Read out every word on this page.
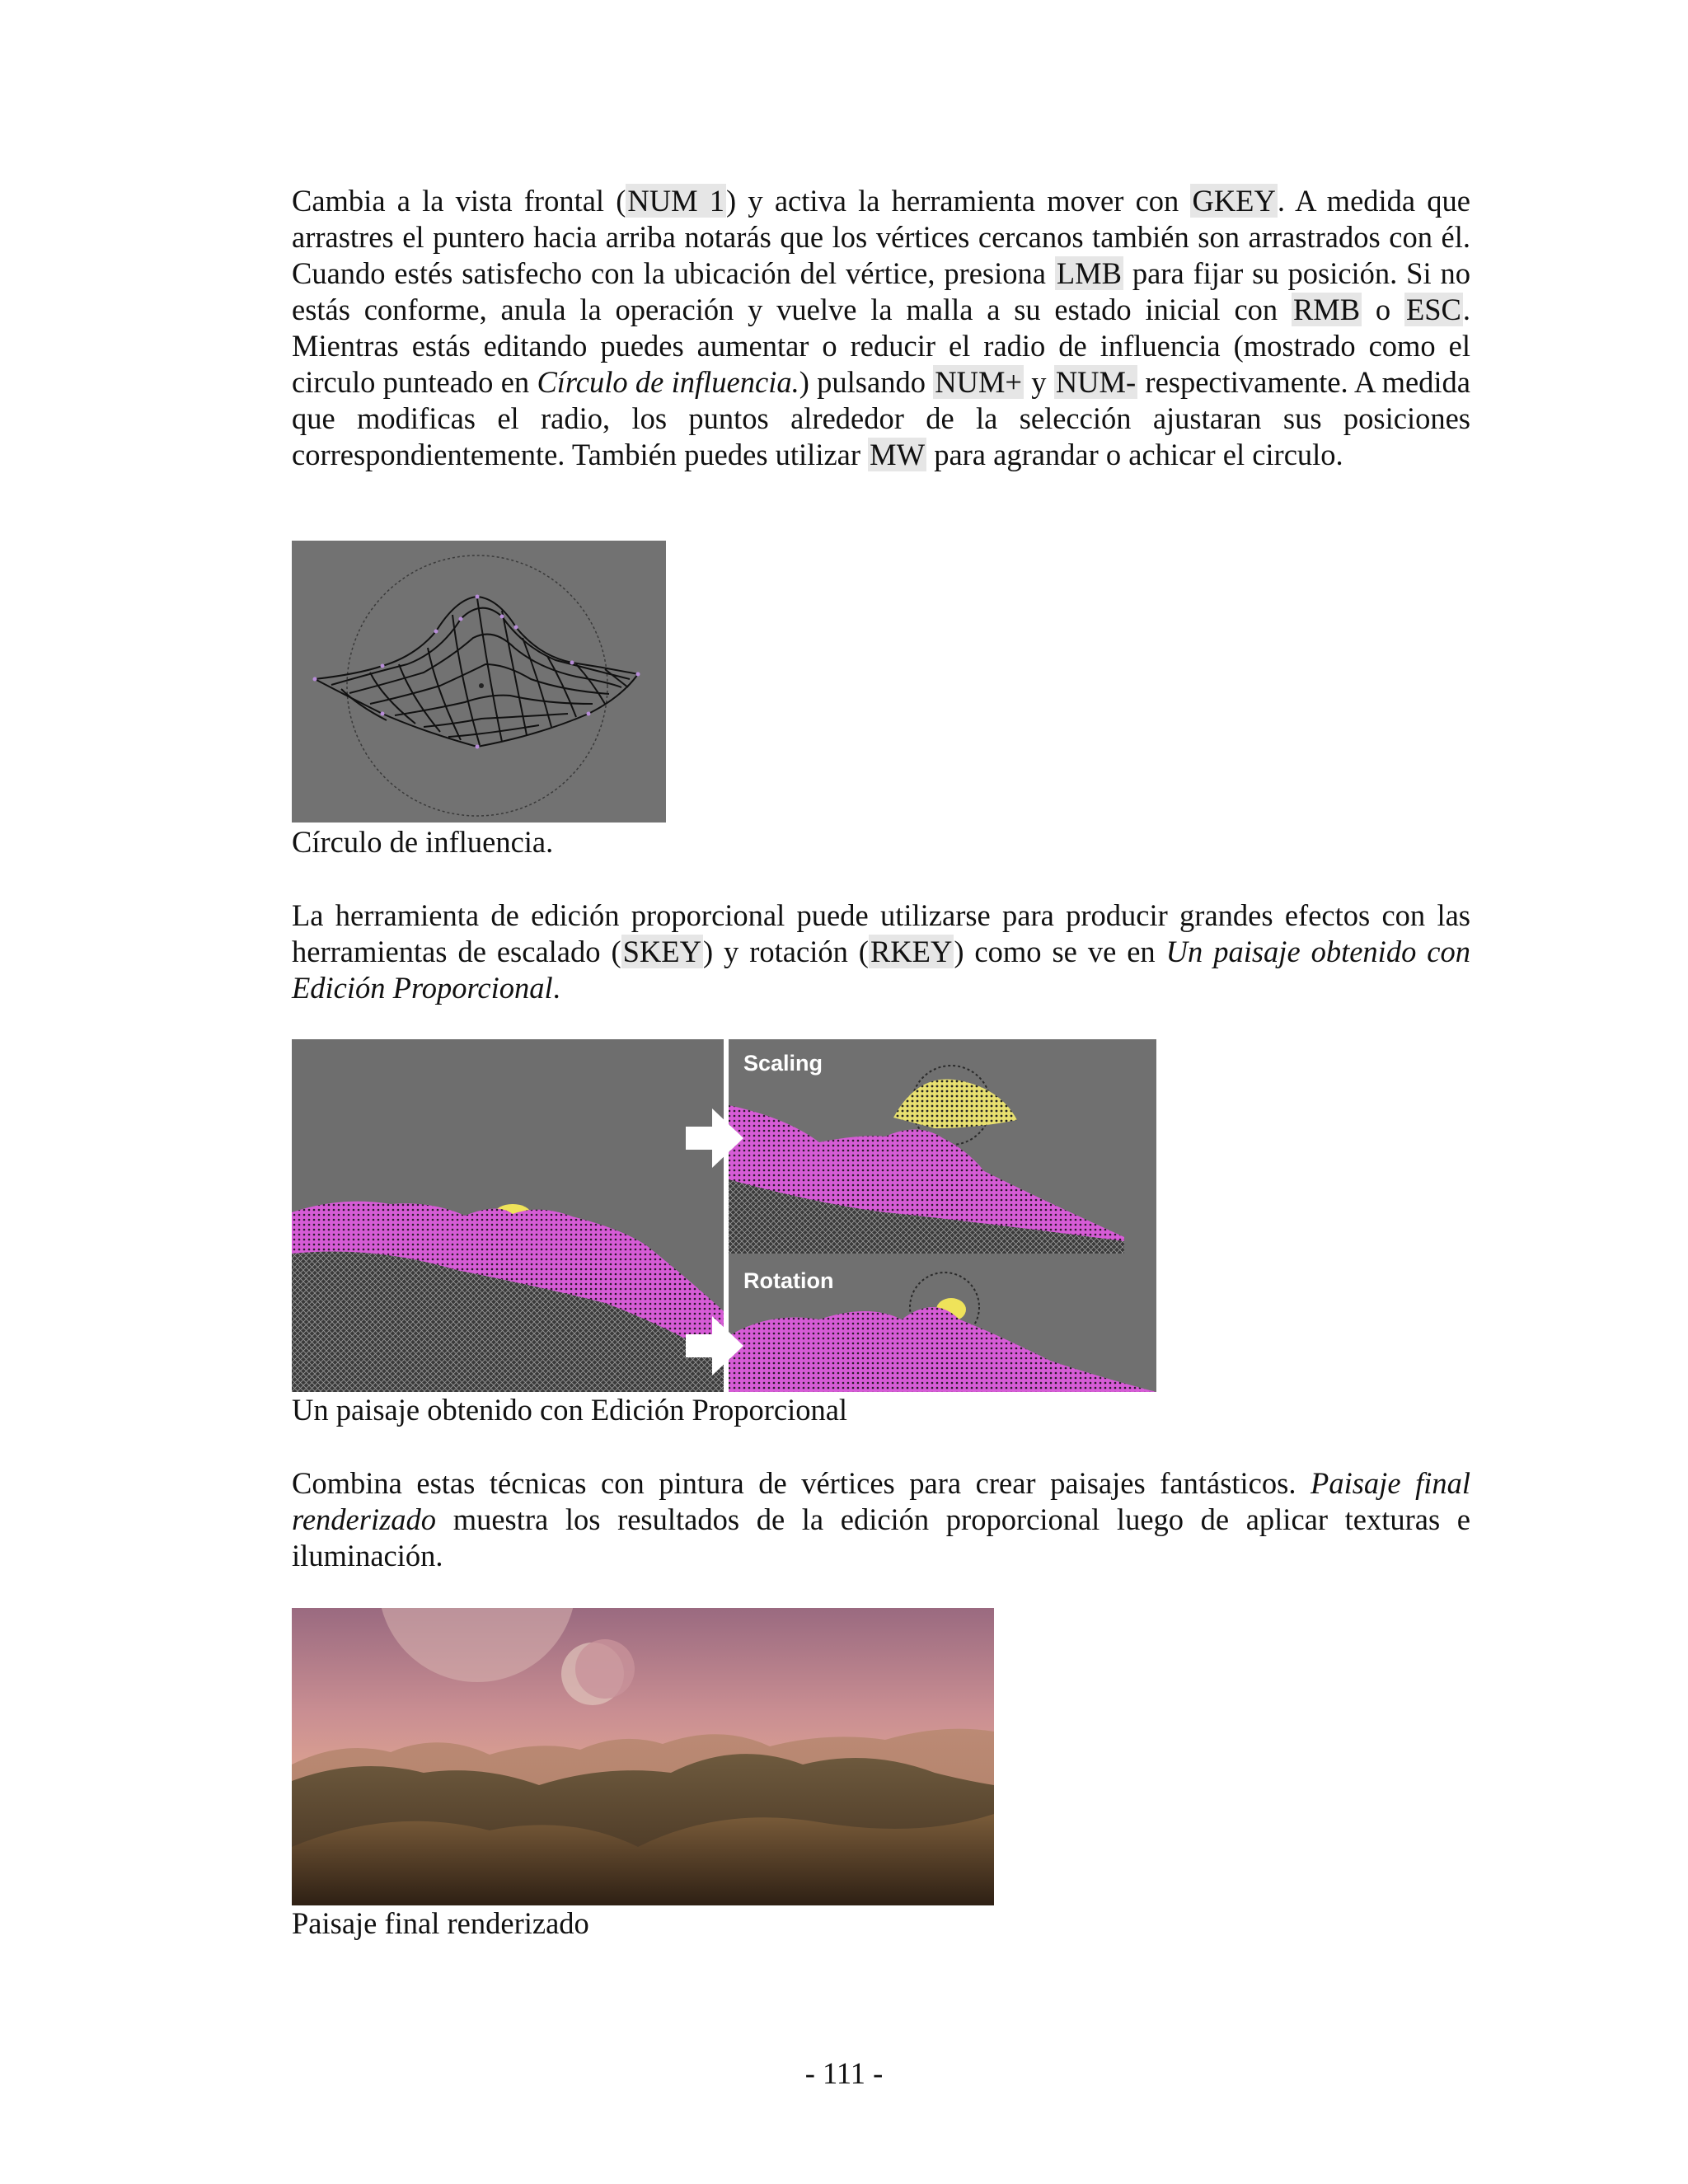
Cambia a la vista frontal (NUM 1) y activa la herramienta mover con GKEY. A medida que arrastres el puntero hacia arriba notarás que los vértices cercanos también son arrastrados con él. Cuando estés satisfecho con la ubicación del vértice, presiona LMB para fijar su posición. Si no estás conforme, anula la operación y vuelve la malla a su estado inicial con RMB o ESC. Mientras estás editando puedes aumentar o reducir el radio de influencia (mostrado como el circulo punteado en Círculo de influencia.) pulsando NUM+ y NUM- respectivamente. A medida que modificas el radio, los puntos alrededor de la selección ajustaran sus posiciones correspondientemente. También puedes utilizar MW para agrandar o achicar el circulo.

Círculo de influencia.

La herramienta de edición proporcional puede utilizarse para producir grandes efectos con las herramientas de escalado (SKEY) y rotación (RKEY) como se ve en Un paisaje obtenido con Edición Proporcional.

Scaling
Rotation

Un paisaje obtenido con Edición Proporcional

Combina estas técnicas con pintura de vértices para crear paisajes fantásticos. Paisaje final renderizado muestra los resultados de la edición proporcional luego de aplicar texturas e iluminación.

Paisaje final renderizado

- 111 -
